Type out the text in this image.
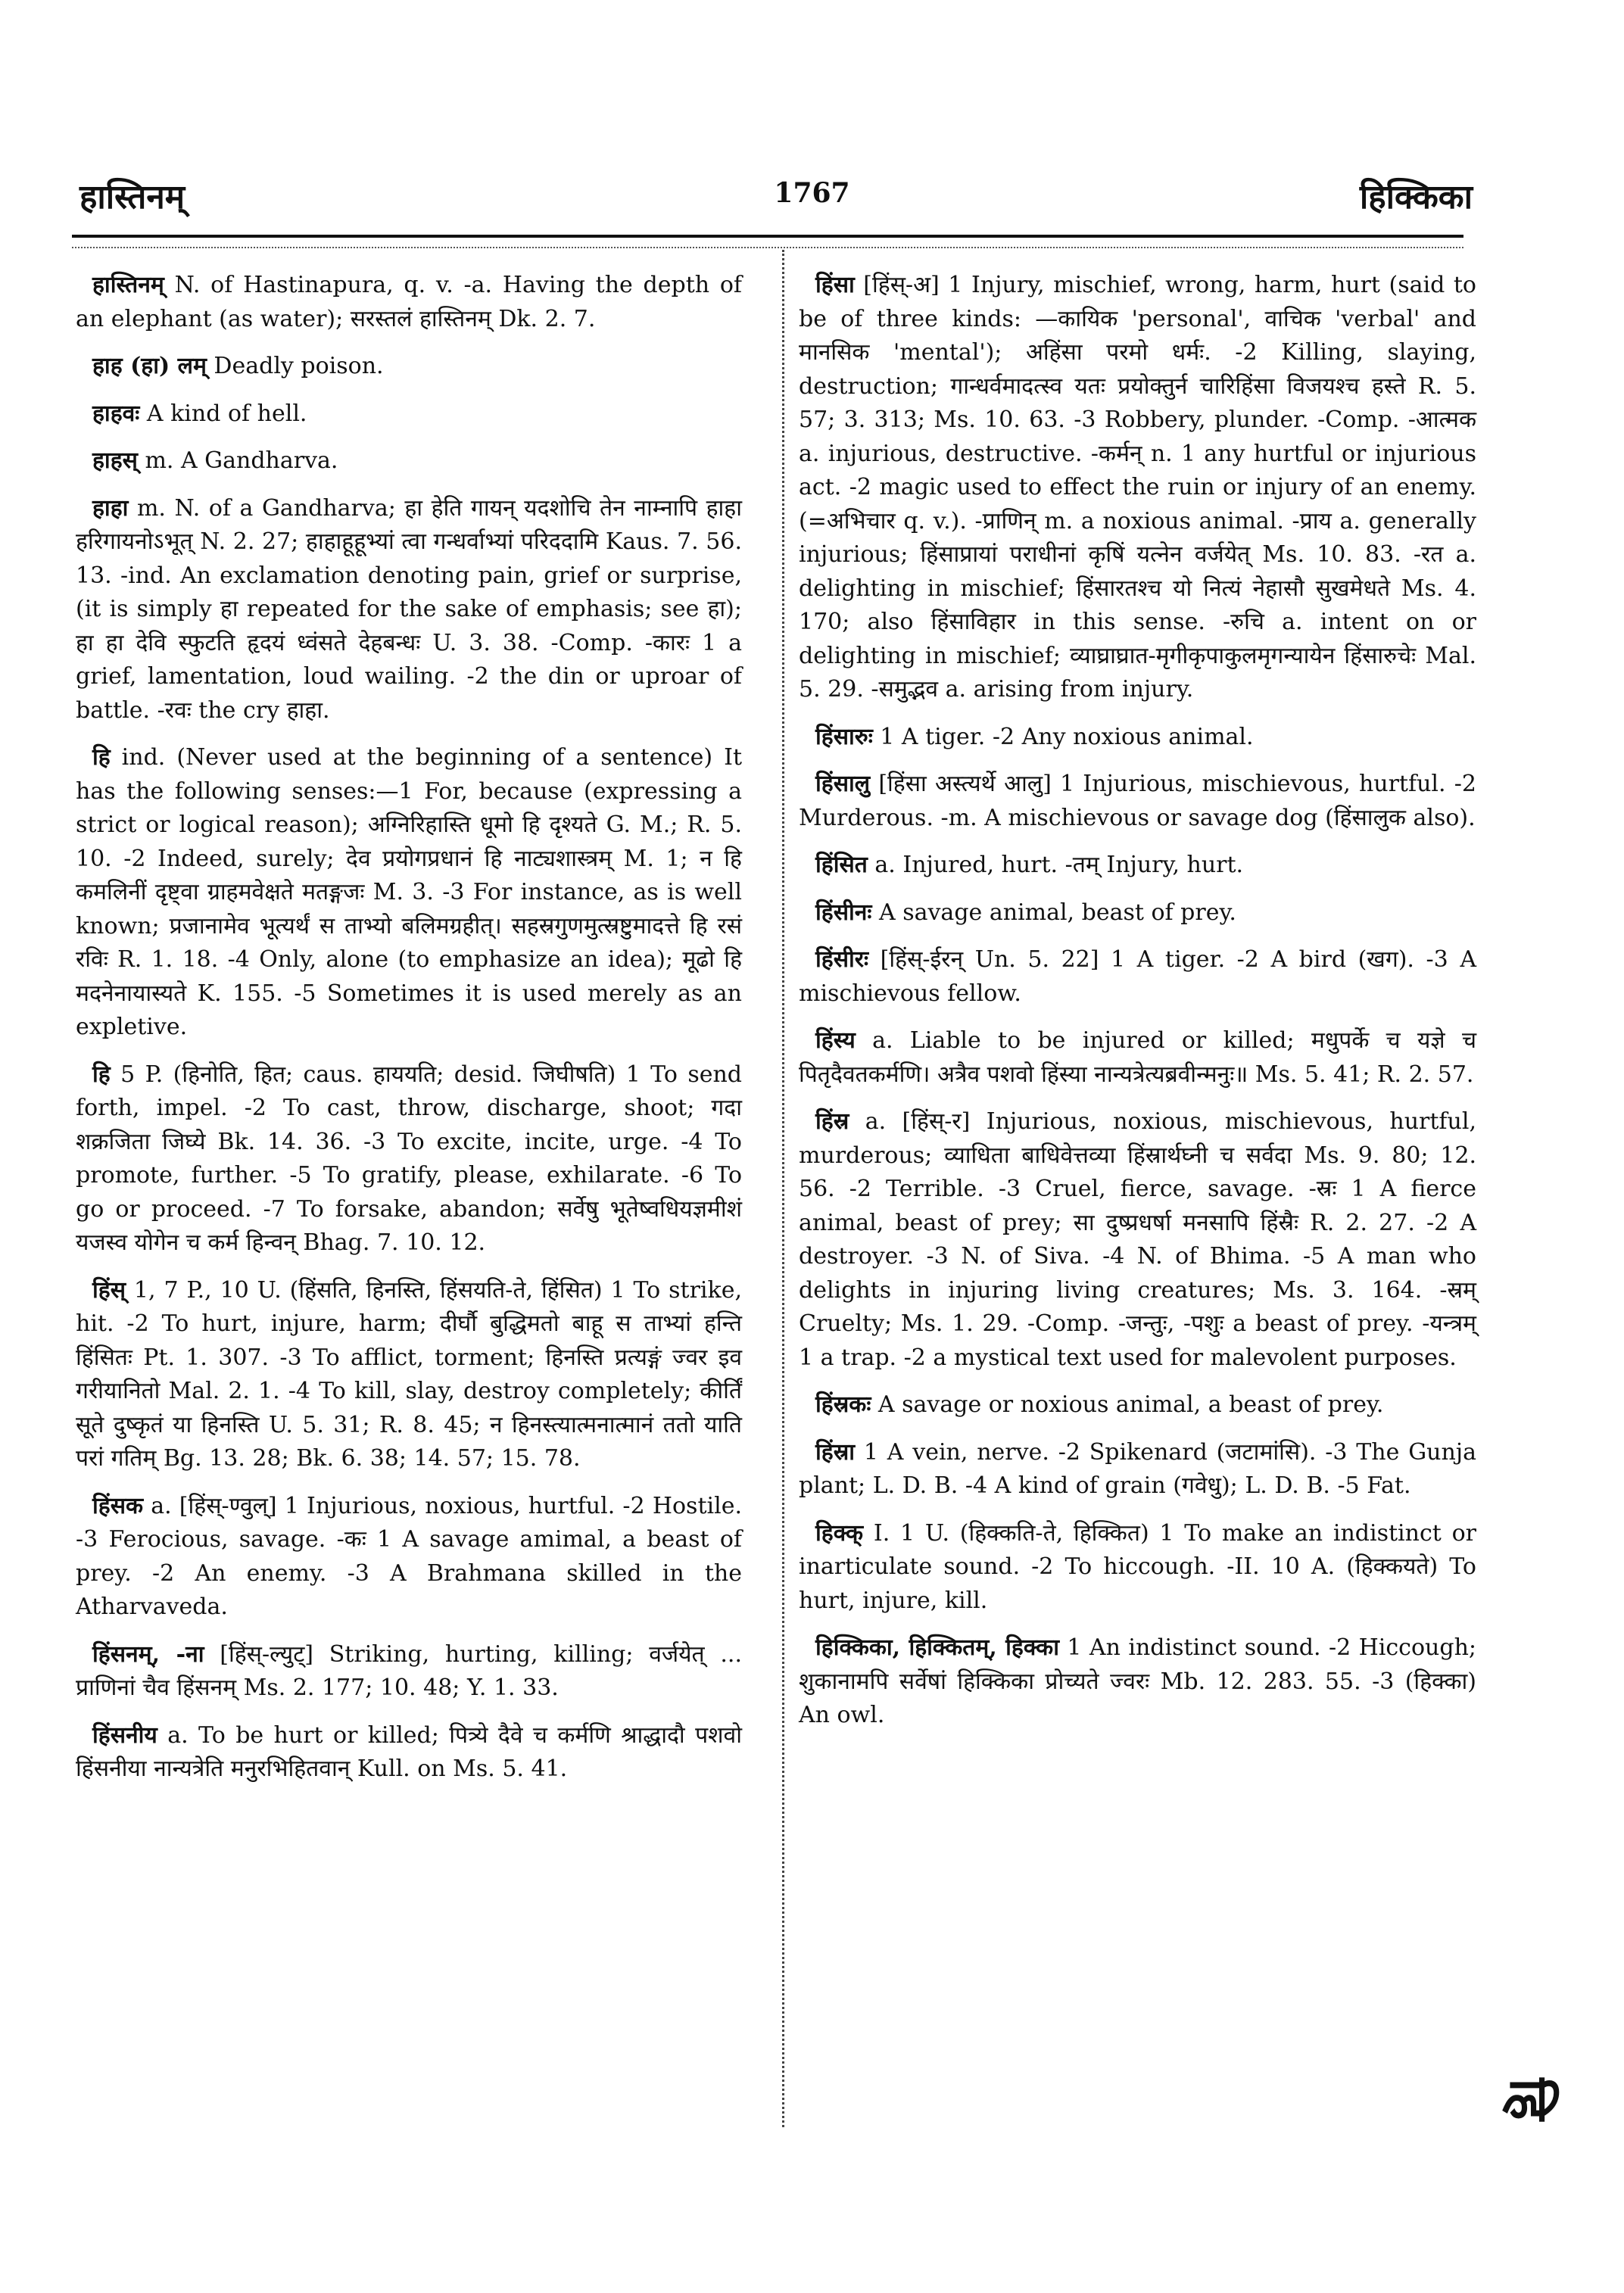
हास्तिनम्	1767	हिक्किका

हास्तिनम् N. of Hastinapura, q. v. -a. Having the depth of an elephant (as water); सरस्तलं हास्तिनम् Dk. 2. 7.

हाह (हा) लम् Deadly poison.

हाहवः A kind of hell.

हाहस् m. A Gandharva.

हाहा m. N. of a Gandharva; हा हेति गायन् यदशोचि तेन नाम्नापि हाहा हरिगायनोऽभूत् N. 2. 27; हाहाहूहूभ्यां त्वा गन्धर्वाभ्यां परिददामि Kaus. 7. 56. 13. -ind. An exclamation denoting pain, grief or surprise, (it is simply हा repeated for the sake of emphasis; see हा); हा हा देवि स्फुटति हृदयं ध्वंसते देहबन्धः U. 3. 38. -Comp. -कारः 1 a grief, lamentation, loud wailing. -2 the din or uproar of battle. -रवः the cry हाहा.

हि ind. (Never used at the beginning of a sentence) It has the following senses:—1 For, because (expressing a strict or logical reason); अग्निरिहास्ति धूमो हि दृश्यते G. M.; R. 5. 10. -2 Indeed, surely; देव प्रयोगप्रधानं हि नाट्यशास्त्रम् M. 1; न हि कमलिनीं दृष्ट्वा ग्राहमवेक्षते मतङ्गजः M. 3. -3 For instance, as is well known; प्रजानामेव भूत्यर्थं स ताभ्यो बलिमग्रहीत्। सहस्रगुणमुत्स्रष्टुमादत्ते हि रसं रविः R. 1. 18. -4 Only, alone (to emphasize an idea); मूढो हि मदनेनायास्यते K. 155. -5 Sometimes it is used merely as an expletive.

हि 5 P. (हिनोति, हित; caus. हाययति; desid. जिघीषति) 1 To send forth, impel. -2 To cast, throw, discharge, shoot; गदा शक्रजिता जिघ्ये Bk. 14. 36. -3 To excite, incite, urge. -4 To promote, further. -5 To gratify, please, exhilarate. -6 To go or proceed. -7 To forsake, abandon; सर्वेषु भूतेष्वधियज्ञमीशं यजस्व योगेन च कर्म हिन्वन् Bhag. 7. 10. 12.

हिंस् 1, 7 P., 10 U. (हिंसति, हिनस्ति, हिंसयति-ते, हिंसित) 1 To strike, hit. -2 To hurt, injure, harm; दीर्घौ बुद्धिमतो बाहू स ताभ्यां हन्ति हिंसितः Pt. 1. 307. -3 To afflict, torment; हिनस्ति प्रत्यङ्गं ज्वर इव गरीयानितो Mal. 2. 1. -4 To kill, slay, destroy completely; कीर्तिं सूते दुष्कृतं या हिनस्ति U. 5. 31; R. 8. 45; न हिनस्त्यात्मनात्मानं ततो याति परां गतिम् Bg. 13. 28; Bk. 6. 38; 14. 57; 15. 78.

हिंसक a. [हिंस्-ण्वुल्] 1 Injurious, noxious, hurtful. -2 Hostile. -3 Ferocious, savage. -कः 1 A savage amimal, a beast of prey. -2 An enemy. -3 A Brahmana skilled in the Atharvaveda.

हिंसनम्, -ना [हिंस्-ल्युट्] Striking, hurting, killing; वर्जयेत् ... प्राणिनां चैव हिंसनम् Ms. 2. 177; 10. 48; Y. 1. 33.

हिंसनीय a. To be hurt or killed; पित्र्ये दैवे च कर्मणि श्राद्धादौ पशवो हिंसनीया नान्यत्रेति मनुरभिहितवान् Kull. on Ms. 5. 41.

हिंसा [हिंस्-अ] 1 Injury, mischief, wrong, harm, hurt (said to be of three kinds: —कायिक 'personal', वाचिक 'verbal' and मानसिक 'mental'); अहिंसा परमो धर्मः. -2 Killing, slaying, destruction; गान्धर्वमादत्स्व यतः प्रयोक्तुर्न चारिहिंसा विजयश्च हस्ते R. 5. 57; 3. 313; Ms. 10. 63. -3 Robbery, plunder. -Comp. -आत्मक a. injurious, destructive. -कर्मन् n. 1 any hurtful or injurious act. -2 magic used to effect the ruin or injury of an enemy. (=अभिचार q. v.). -प्राणिन् m. a noxious animal. -प्राय a. generally injurious; हिंसाप्रायां पराधीनां कृषिं यत्नेन वर्जयेत् Ms. 10. 83. -रत a. delighting in mischief; हिंसारतश्च यो नित्यं नेहासौ सुखमेधते Ms. 4. 170; also हिंसाविहार in this sense. -रुचि a. intent on or delighting in mischief; व्याघ्राघ्रात-मृगीकृपाकुलमृगन्यायेन हिंसारुचेः Mal. 5. 29. -समुद्भव a. arising from injury.

हिंसारुः 1 A tiger. -2 Any noxious animal.

हिंसालु [हिंसा अस्त्यर्थे आलु] 1 Injurious, mischievous, hurtful. -2 Murderous. -m. A mischievous or savage dog (हिंसालुक also).

हिंसित a. Injured, hurt. -तम् Injury, hurt.

हिंसीनः A savage animal, beast of prey.

हिंसीरः [हिंस्-ईरन् Un. 5. 22] 1 A tiger. -2 A bird (खग). -3 A mischievous fellow.

हिंस्य a. Liable to be injured or killed; मधुपर्के च यज्ञे च पितृदैवतकर्मणि। अत्रैव पशवो हिंस्या नान्यत्रेत्यब्रवीन्मनुः॥ Ms. 5. 41; R. 2. 57.

हिंस्र a. [हिंस्-र] Injurious, noxious, mischievous, hurtful, murderous; व्याधिता बाधिवेत्तव्या हिंस्रार्थघ्नी च सर्वदा Ms. 9. 80; 12. 56. -2 Terrible. -3 Cruel, fierce, savage. -स्रः 1 A fierce animal, beast of prey; सा दुष्प्रधर्षा मनसापि हिंस्रैः R. 2. 27. -2 A destroyer. -3 N. of Siva. -4 N. of Bhima. -5 A man who delights in injuring living creatures; Ms. 3. 164. -स्रम् Cruelty; Ms. 1. 29. -Comp. -जन्तुः, -पशुः a beast of prey. -यन्त्रम् 1 a trap. -2 a mystical text used for malevolent purposes.

हिंस्रकः A savage or noxious animal, a beast of prey.

हिंस्रा 1 A vein, nerve. -2 Spikenard (जटामांसि). -3 The Gunja plant; L. D. B. -4 A kind of grain (गवेधु); L. D. B. -5 Fat.

हिक्क् I. 1 U. (हिक्कति-ते, हिक्कित) 1 To make an indistinct or inarticulate sound. -2 To hiccough. -II. 10 A. (हिक्कयते) To hurt, injure, kill.

हिक्किका, हिक्कितम्, हिक्का 1 An indistinct sound. -2 Hiccough; शुकानामपि सर्वेषां हिक्किका प्रोच्यते ज्वरः Mb. 12. 283. 55. -3 (हिक्का) An owl.

हि
